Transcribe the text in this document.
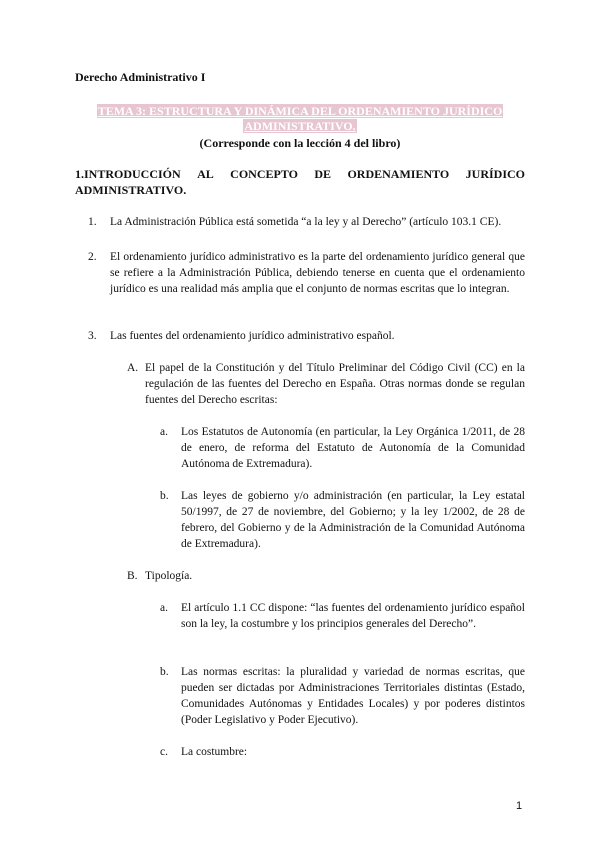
Derecho Administrativo I
TEMA 3: ESTRUCTURA Y DINÁMICA DEL ORDENAMIENTO JURÍDICO
ADMINISTRATIVO.
(Corresponde con la lección 4 del libro)
1.INTRODUCCIÓN AL CONCEPTO DE ORDENAMIENTO JURÍDICO
ADMINISTRATIVO.
1.	La Administración Pública está sometida “a la ley y al Derecho” (artículo 103.1 CE).
2.	El ordenamiento jurídico administrativo es la parte del ordenamiento jurídico general que se refiere a la Administración Pública, debiendo tenerse en cuenta que el ordenamiento jurídico es una realidad más amplia que el conjunto de normas escritas que lo integran.
3.	Las fuentes del ordenamiento jurídico administrativo español.
A. El papel de la Constitución y del Título Preliminar del Código Civil (CC) en la regulación de las fuentes del Derecho en España. Otras normas donde se regulan fuentes del Derecho escritas:
a.	Los Estatutos de Autonomía (en particular, la Ley Orgánica 1/2011, de 28 de enero, de reforma del Estatuto de Autonomía de la Comunidad Autónoma de Extremadura).
b.	Las leyes de gobierno y/o administración (en particular, la Ley estatal 50/1997, de 27 de noviembre, del Gobierno; y la ley 1/2002, de 28 de febrero, del Gobierno y de la Administración de la Comunidad Autónoma de Extremadura).
B. Tipología.
a.	El artículo 1.1 CC dispone: “las fuentes del ordenamiento jurídico español son la ley, la costumbre y los principios generales del Derecho”.
b.	Las normas escritas: la pluralidad y variedad de normas escritas, que pueden ser dictadas por Administraciones Territoriales distintas (Estado, Comunidades Autónomas y Entidades Locales) y por poderes distintos (Poder Legislativo y Poder Ejecutivo).
c.	La costumbre:
1
